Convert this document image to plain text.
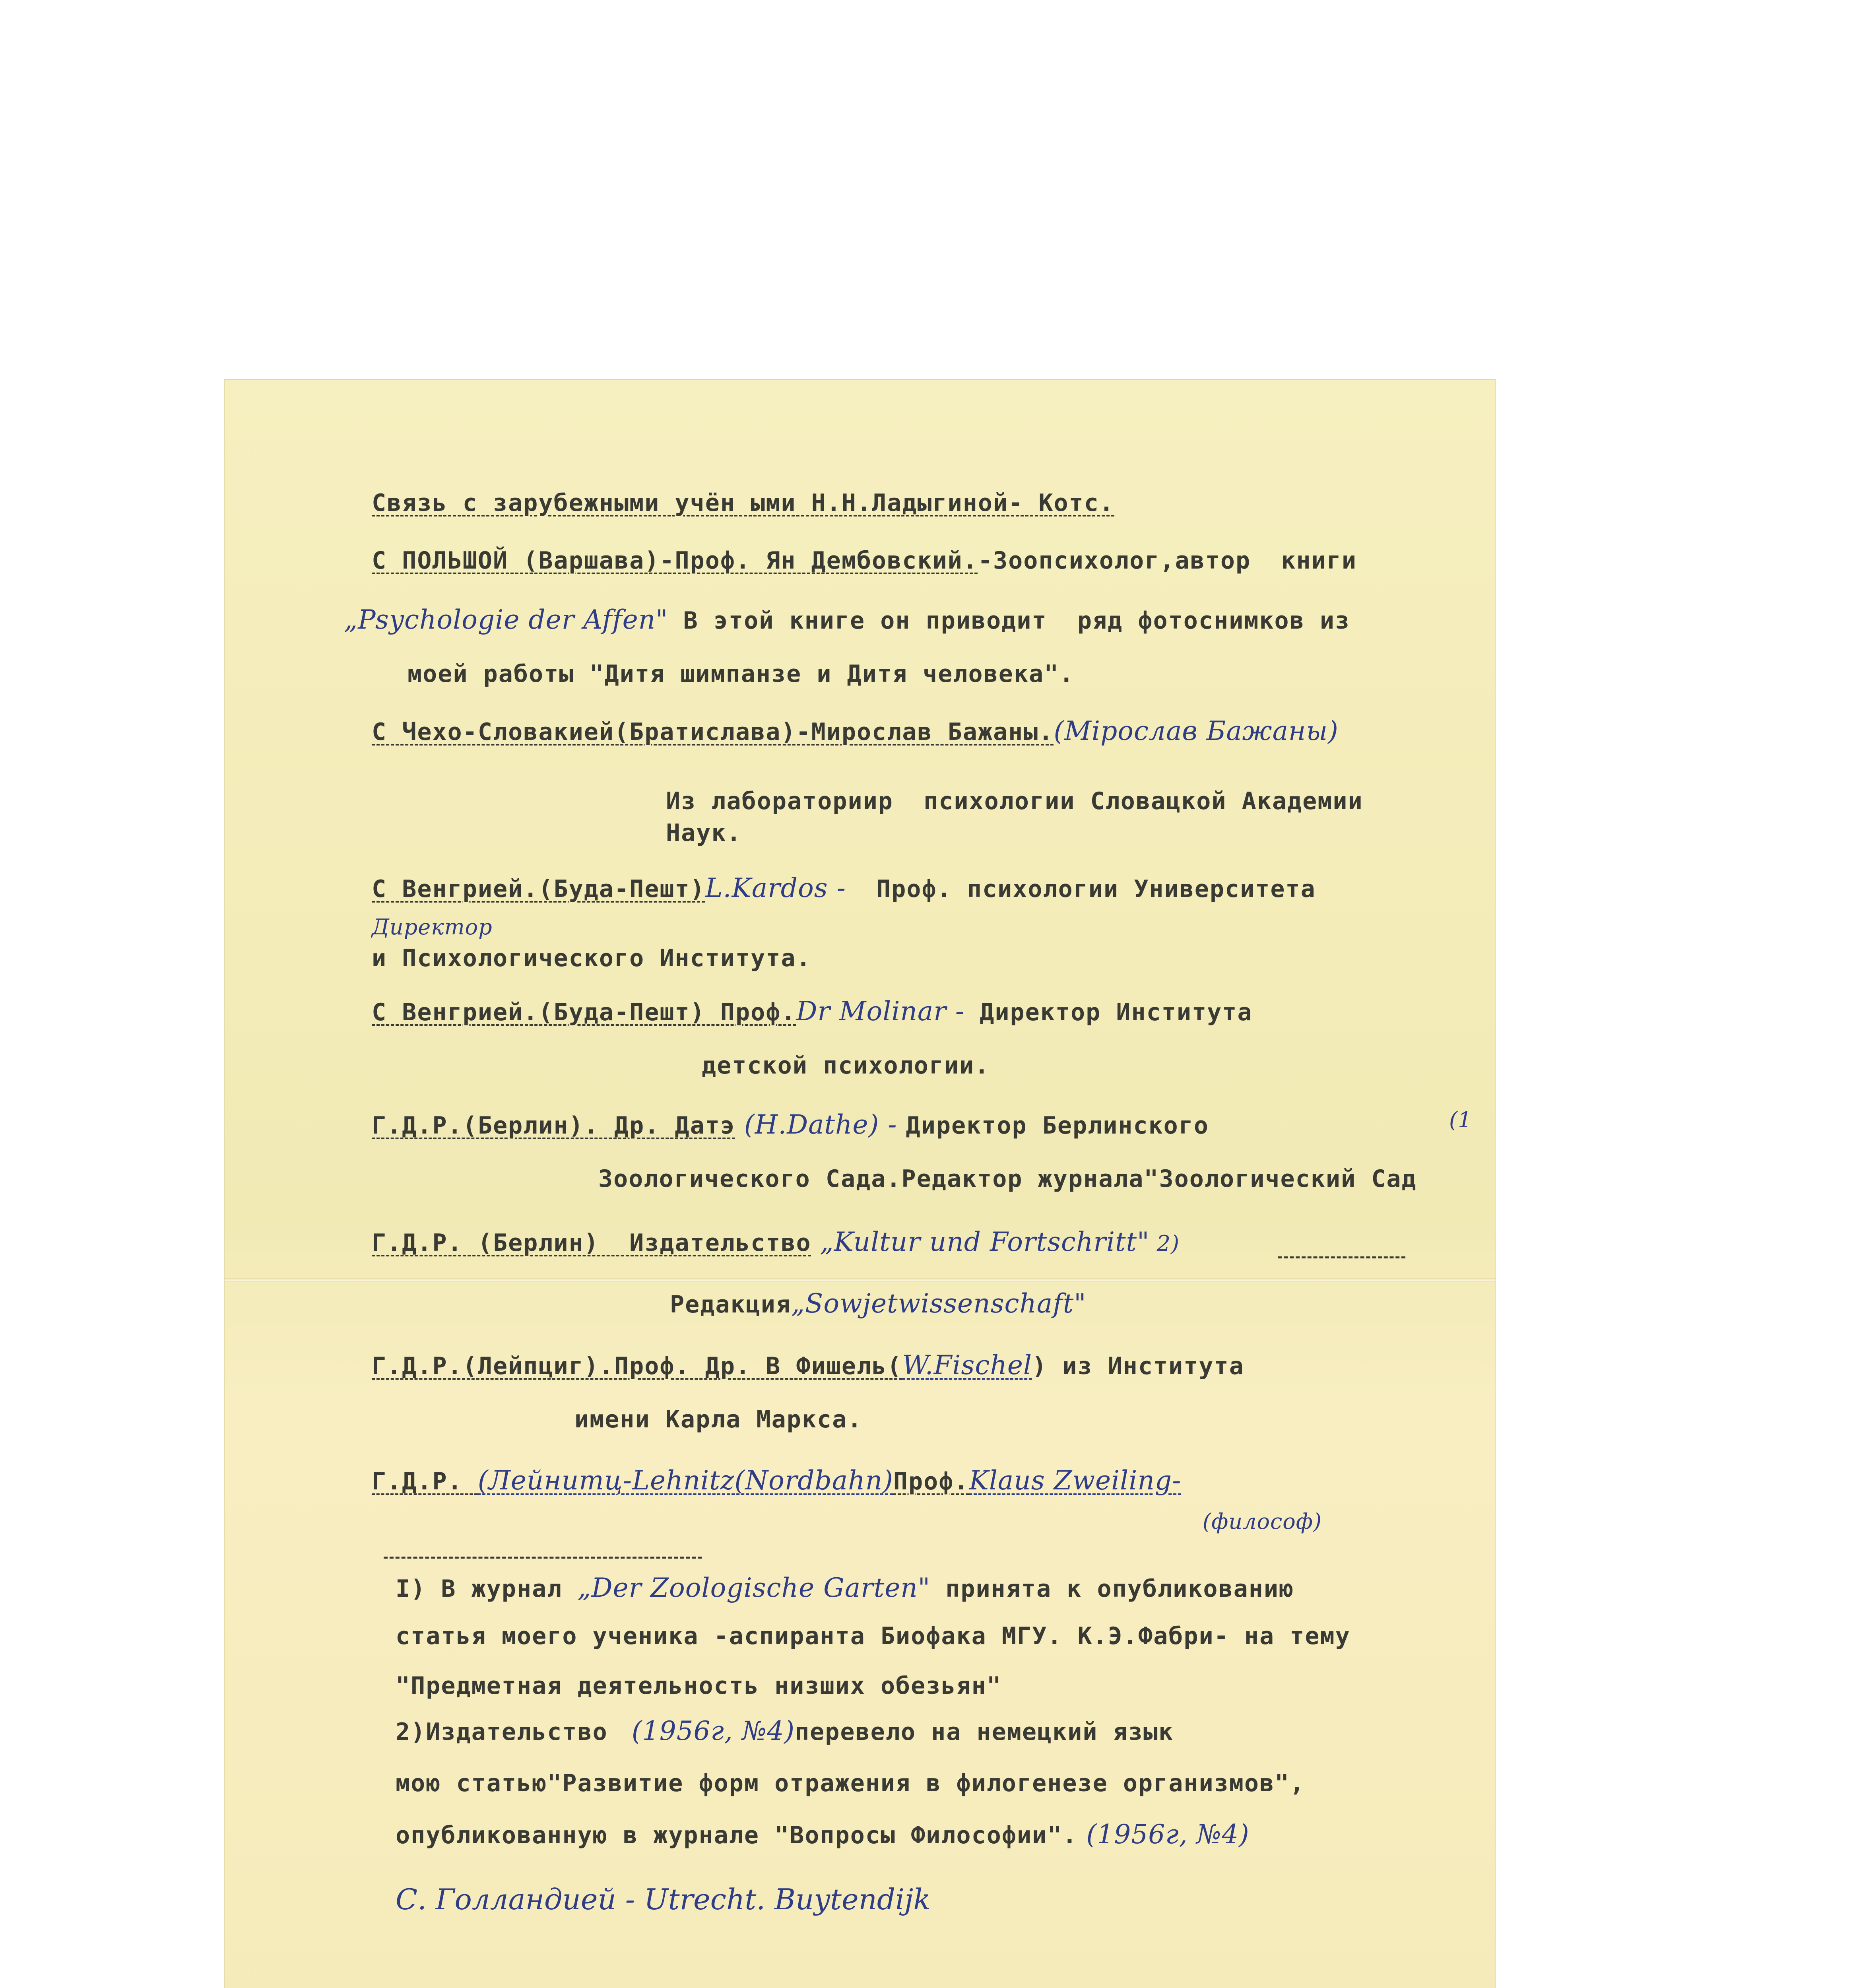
Связь с зарубежными учён ыми Н.Н.Ладыгиной- Котс.
С ПОЛЬШОЙ (Варшава)-Проф. Ян Дембовский.-Зоопсихолог,автор  книги
„Psychologie der Affen" В этой книге он приводит  ряд фотоснимков из
моей работы "Дитя шимпанзе и Дитя человека".
С Чехо-Словакией(Братислава)-Мирослав Бажаны.(Мірослав Бажаны)
Из лабораторииp  психологии Словацкой Академии
Наук.
С Венгрией.(Буда-Пешт)L.Kardos -  Проф. психологии Университета
Директор
и Психологического Института.
С Венгрией.(Буда-Пешт) Проф.Dr Molinar - Директор Института
детской психологии.
Г.Д.Р.(Берлин). Др. Датэ (H.Dathe) - Директор Берлинского	(1
Зоологического Сада.Редактор журнала"Зоологический Сад
Г.Д.Р. (Берлин)  Издательство „Kultur und Fortschritt" 2)
Редакция„Sowjetwissenschaft"
Г.Д.Р.(Лейпциг).Проф. Др. В Фишель(W.Fischel) из Института
имени Карла Маркса.
Г.Д.Р. (Лейнитц-Lehnitz(Nordbahn)Проф.Klaus Zweiling-
(философ)
I) В журнал „Der Zoologische Garten" принята к опубликованию
статья моего ученика -аспиранта Биофака МГУ. К.Э.Фабри- на тему
"Предметная деятельность низших обезьян"
2)Издательство  (1956г, №4)перевело на немецкий язык
мою статью"Развитие форм отражения в филогенезе организмов",
опубликованную в журнале "Вопросы Философии". (1956г, №4)
С. Голландией - Utrecht. Buytendijk
